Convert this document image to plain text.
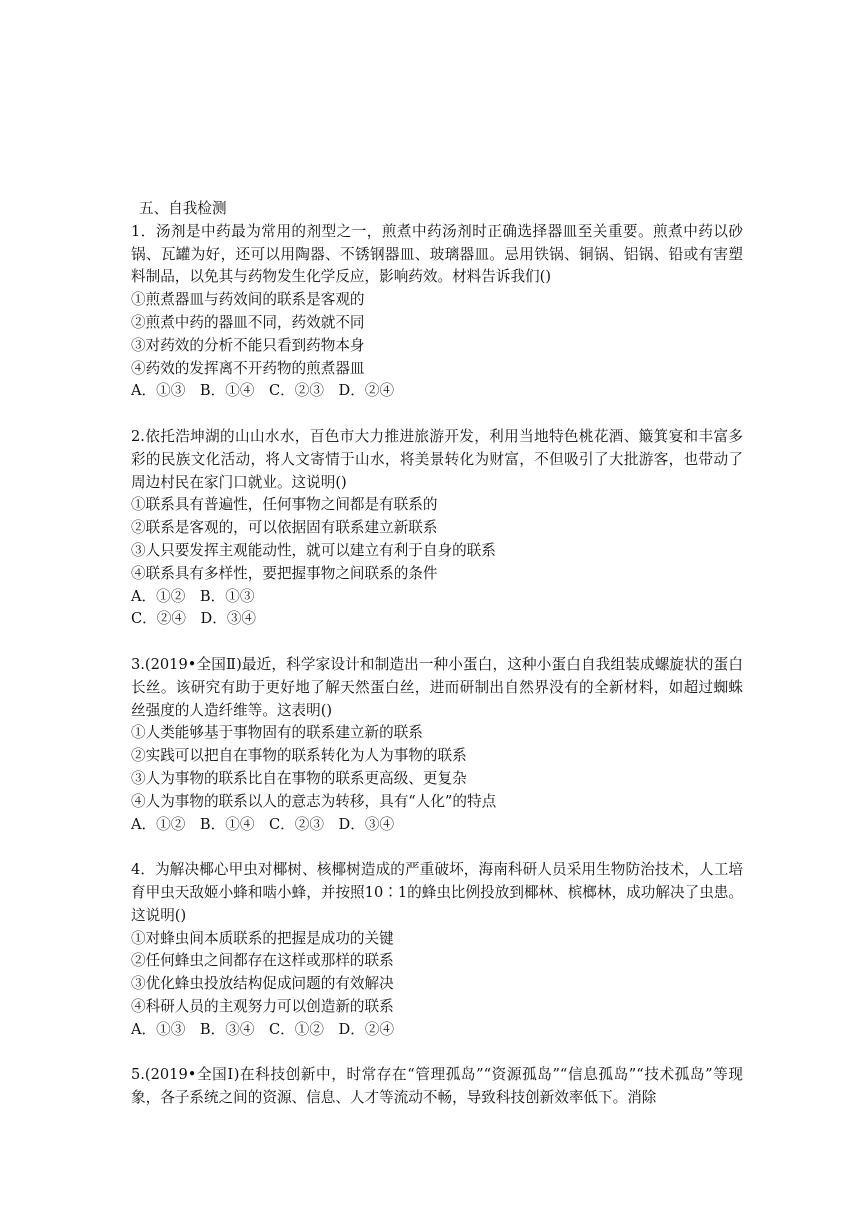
五、自我检测

1．汤剂是中药最为常用的剂型之一，煎煮中药汤剂时正确选择器皿至关重要。煎煮中药以砂锅、瓦罐为好，还可以用陶器、不锈钢器皿、玻璃器皿。忌用铁锅、铜锅、铝锅、铅或有害塑料制品，以免其与药物发生化学反应，影响药效。材料告诉我们()

①煎煮器皿与药效间的联系是客观的

②煎煮中药的器皿不同，药效就不同

③对药效的分析不能只看到药物本身

④药效的发挥离不开药物的煎煮器皿

A．①③　B．①④　C．②③　D．②④

2.依托浩坤湖的山山水水，百色市大力推进旅游开发，利用当地特色桃花酒、簸箕宴和丰富多彩的民族文化活动，将人文寄情于山水，将美景转化为财富，不但吸引了大批游客，也带动了周边村民在家门口就业。这说明()

①联系具有普遍性，任何事物之间都是有联系的

②联系是客观的，可以依据固有联系建立新联系

③人只要发挥主观能动性，就可以建立有利于自身的联系

④联系具有多样性，要把握事物之间联系的条件

A．①②　B．①③

C．②④　D．③④

3.(2019•全国Ⅱ)最近，科学家设计和制造出一种小蛋白，这种小蛋白自我组装成螺旋状的蛋白长丝。该研究有助于更好地了解天然蛋白丝，进而研制出自然界没有的全新材料，如超过蜘蛛丝强度的人造纤维等。这表明()

①人类能够基于事物固有的联系建立新的联系

②实践可以把自在事物的联系转化为人为事物的联系

③人为事物的联系比自在事物的联系更高级、更复杂

④人为事物的联系以人的意志为转移，具有“人化”的特点

A．①②　B．①④　C．②③　D．③④

4．为解决椰心甲虫对椰树、核椰树造成的严重破坏，海南科研人员采用生物防治技术，人工培育甲虫天敌姬小蜂和啮小蜂，并按照10∶1的蜂虫比例投放到椰林、槟榔林，成功解决了虫患。这说明()

①对蜂虫间本质联系的把握是成功的关键

②任何蜂虫之间都存在这样或那样的联系

③优化蜂虫投放结构促成问题的有效解决

④科研人员的主观努力可以创造新的联系

A．①③　B．③④　C．①②　D．②④

5.(2019•全国Ⅰ)在科技创新中，时常存在“管理孤岛”“资源孤岛”“信息孤岛”“技术孤岛”等现象，各子系统之间的资源、信息、人才等流动不畅，导致科技创新效率低下。消除
